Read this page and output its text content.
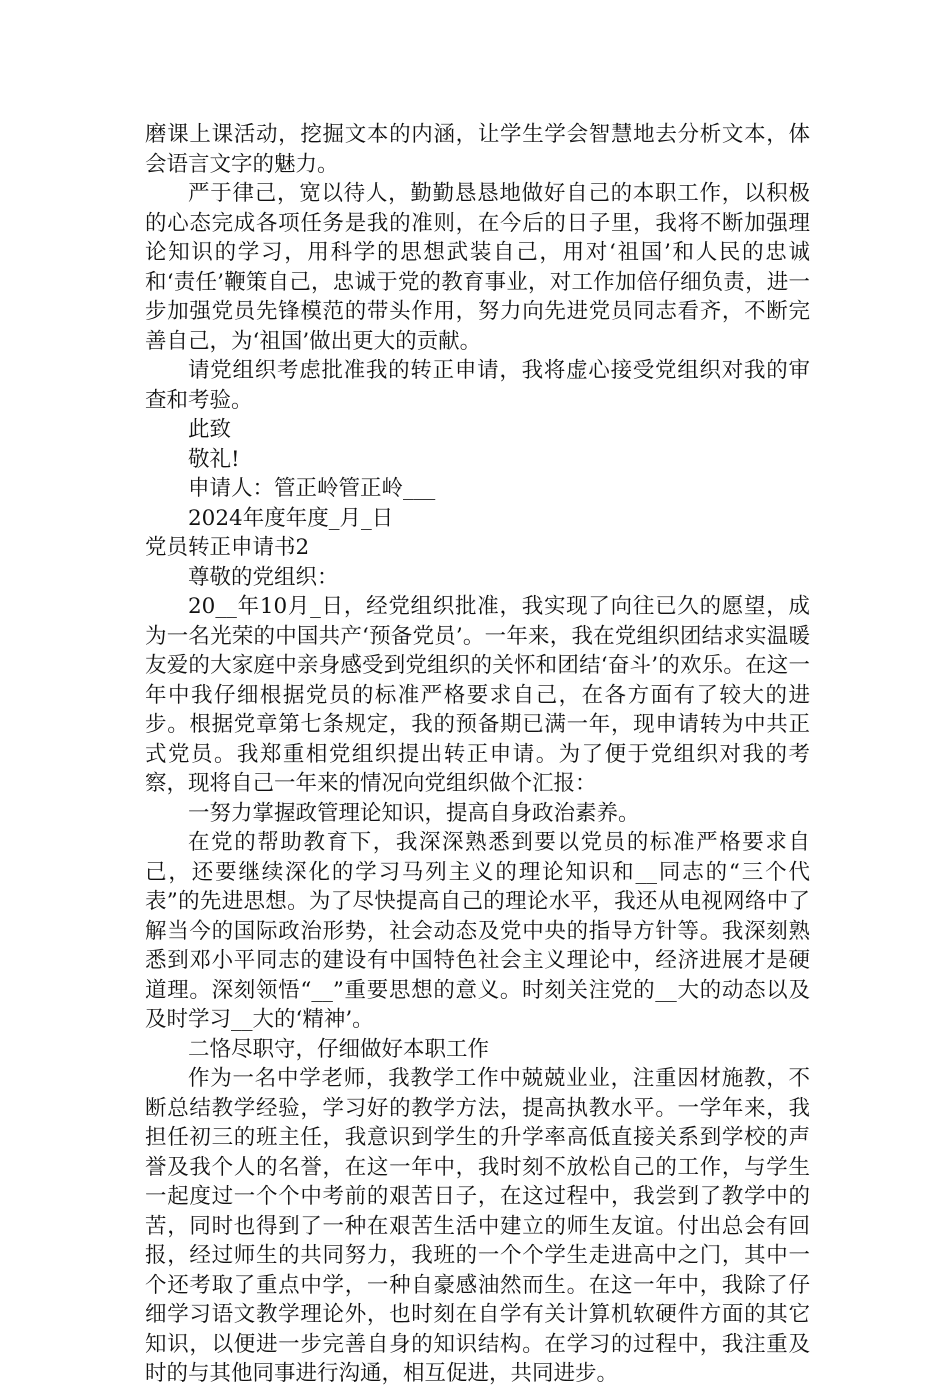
磨课上课活动，挖掘文本的内涵，让学生学会智慧地去分析文本，体会语言文字的魅力。

严于律己，宽以待人，勤勤恳恳地做好自己的本职工作，以积极的心态完成各项任务是我的准则，在今后的日子里，我将不断加强理论知识的学习，用科学的思想武装自己，用对‘祖国’和人民的忠诚和‘责任’鞭策自己，忠诚于党的教育事业，对工作加倍仔细负责，进一步加强党员先锋模范的带头作用，努力向先进党员同志看齐，不断完善自己，为‘祖国’做出更大的贡献。

请党组织考虑批准我的转正申请，我将虚心接受党组织对我的审查和考验。

此致

敬礼!

申请人：管正岭管正岭___

2024年度年度_月_日

党员转正申请书2

尊敬的党组织：

20__年10月_日，经党组织批准，我实现了向往已久的愿望，成为一名光荣的中国共产‘预备党员’。一年来，我在党组织团结求实温暖友爱的大家庭中亲身感受到党组织的关怀和团结‘奋斗’的欢乐。在这一年中我仔细根据党员的标准严格要求自己，在各方面有了较大的进步。根据党章第七条规定，我的预备期已满一年，现申请转为中共正式党员。我郑重相党组织提出转正申请。为了便于党组织对我的考察，现将自己一年来的情况向党组织做个汇报：

一努力掌握政管理论知识，提高自身政治素养。

在党的帮助教育下，我深深熟悉到要以党员的标准严格要求自己，还要继续深化的学习马列主义的理论知识和__同志的“三个代表”的先进思想。为了尽快提高自己的理论水平，我还从电视网络中了解当今的国际政治形势，社会动态及党中央的指导方针等。我深刻熟悉到邓小平同志的建设有中国特色社会主义理论中，经济进展才是硬道理。深刻领悟“__”重要思想的意义。时刻关注党的__大的动态以及及时学习__大的‘精神’。

二恪尽职守，仔细做好本职工作

作为一名中学老师，我教学工作中兢兢业业，注重因材施教，不断总结教学经验，学习好的教学方法，提高执教水平。一学年来，我担任初三的班主任，我意识到学生的升学率高低直接关系到学校的声誉及我个人的名誉，在这一年中，我时刻不放松自己的工作，与学生一起度过一个个中考前的艰苦日子，在这过程中，我尝到了教学中的苦，同时也得到了一种在艰苦生活中建立的师生友谊。付出总会有回报，经过师生的共同努力，我班的一个个学生走进高中之门，其中一个还考取了重点中学，一种自豪感油然而生。在这一年中，我除了仔细学习语文教学理论外，也时刻在自学有关计算机软硬件方面的其它知识，以便进一步完善自身的知识结构。在学习的过程中，我注重及时的与其他同事进行沟通，相互促进，共同进步。
